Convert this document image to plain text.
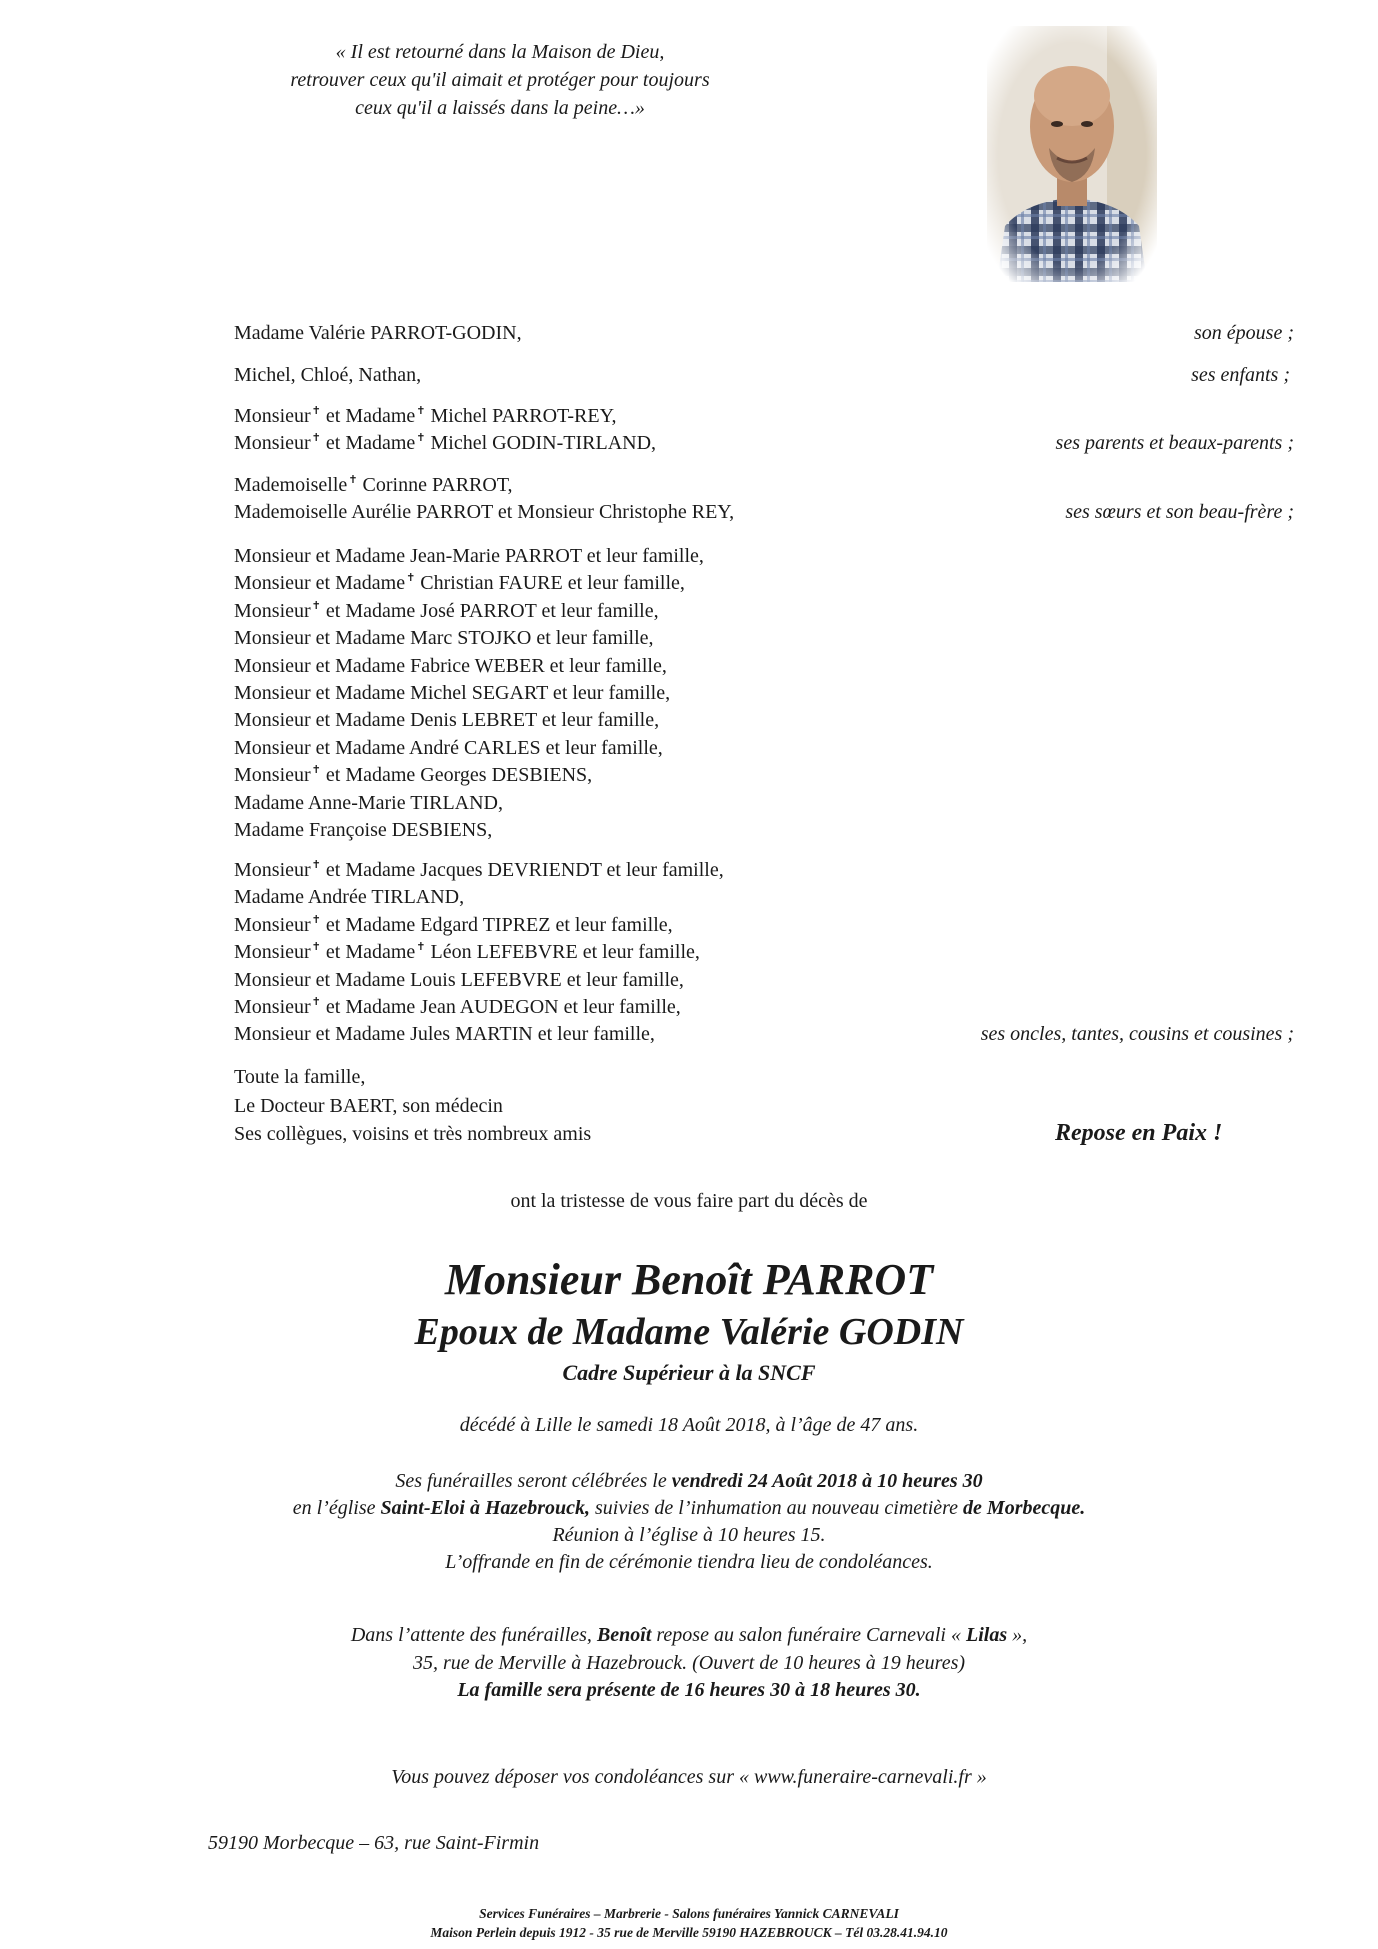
« Il est retourné dans la Maison de Dieu,
retrouver ceux qu'il aimait et protéger pour toujours
ceux qu'il a laissés dans la peine…»
Madame Valérie PARROT-GODIN,	son épouse ;
Michel, Chloé, Nathan,	ses enfants ;
Monsieur✝ et Madame✝ Michel PARROT-REY,
Monsieur✝ et Madame✝ Michel GODIN-TIRLAND,	ses parents et beaux-parents ;
Mademoiselle✝ Corinne PARROT,
Mademoiselle Aurélie PARROT et Monsieur Christophe REY,	ses sœurs et son beau-frère ;
Monsieur et Madame Jean-Marie PARROT et leur famille,
Monsieur et Madame✝ Christian FAURE et leur famille,
Monsieur✝ et Madame José PARROT et leur famille,
Monsieur et Madame Marc STOJKO et leur famille,
Monsieur et Madame Fabrice WEBER et leur famille,
Monsieur et Madame Michel SEGART et leur famille,
Monsieur et Madame Denis LEBRET et leur famille,
Monsieur et Madame André CARLES et leur famille,
Monsieur✝ et Madame Georges DESBIENS,
Madame Anne-Marie TIRLAND,
Madame Françoise DESBIENS,
Monsieur✝ et Madame Jacques DEVRIENDT et leur famille,
Madame Andrée TIRLAND,
Monsieur✝ et Madame Edgard TIPREZ et leur famille,
Monsieur✝ et Madame✝ Léon LEFEBVRE et leur famille,
Monsieur et Madame Louis LEFEBVRE et leur famille,
Monsieur✝ et Madame Jean AUDEGON et leur famille,
Monsieur et Madame Jules MARTIN et leur famille,	ses oncles, tantes, cousins et cousines ;
Toute la famille,
Le Docteur BAERT, son médecin
Ses collègues, voisins et très nombreux amis	Repose en Paix !
ont la tristesse de vous faire part du décès de
Monsieur Benoît PARROT
Epoux de Madame Valérie GODIN
Cadre Supérieur à la SNCF
décédé à Lille le samedi 18 Août 2018, à l’âge de 47 ans.
Ses funérailles seront célébrées le vendredi 24 Août 2018 à 10 heures 30
en l’église Saint-Eloi à Hazebrouck, suivies de l’inhumation au nouveau cimetière de Morbecque.
Réunion à l’église à 10 heures 15.
L’offrande en fin de cérémonie tiendra lieu de condoléances.
Dans l’attente des funérailles, Benoît repose au salon funéraire Carnevali « Lilas »,
35, rue de Merville à Hazebrouck. (Ouvert de 10 heures à 19 heures)
La famille sera présente de 16 heures 30 à 18 heures 30.
Vous pouvez déposer vos condoléances sur « www.funeraire-carnevali.fr »
59190 Morbecque – 63, rue Saint-Firmin
Services Funéraires – Marbrerie - Salons funéraires Yannick CARNEVALI
Maison Perlein depuis 1912 - 35 rue de Merville 59190 HAZEBROUCK – Tél 03.28.41.94.10
